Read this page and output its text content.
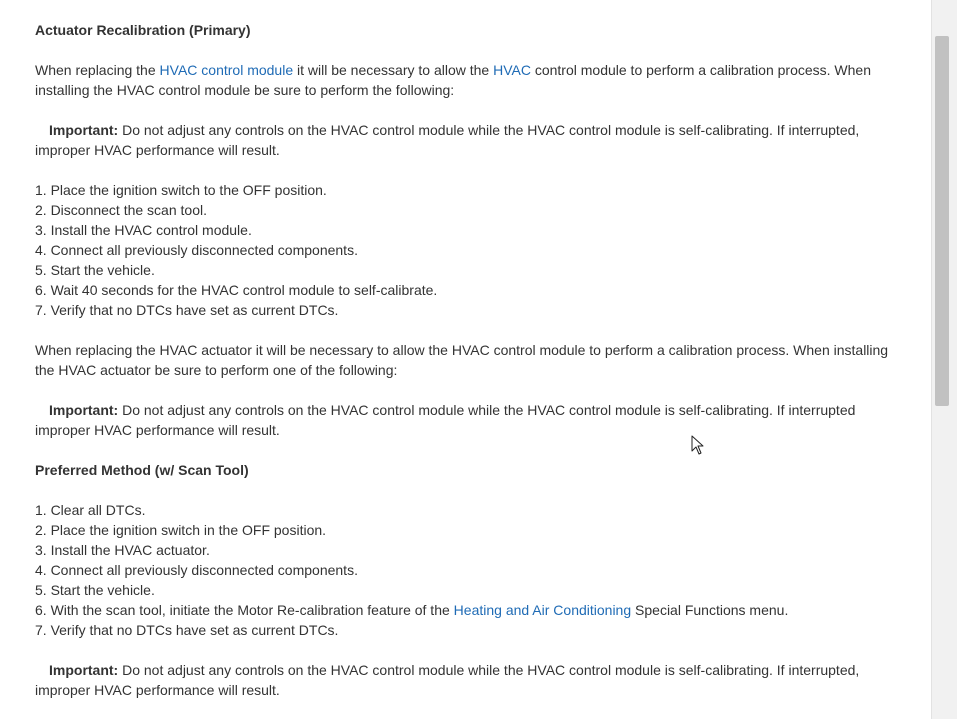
Actuator Recalibration (Primary)
When replacing the HVAC control module it will be necessary to allow the HVAC control module to perform a calibration process. When
installing the HVAC control module be sure to perform the following:
Important: Do not adjust any controls on the HVAC control module while the HVAC control module is self-calibrating. If interrupted,
improper HVAC performance will result.
1. Place the ignition switch to the OFF position.
2. Disconnect the scan tool.
3. Install the HVAC control module.
4. Connect all previously disconnected components.
5. Start the vehicle.
6. Wait 40 seconds for the HVAC control module to self-calibrate.
7. Verify that no DTCs have set as current DTCs.
When replacing the HVAC actuator it will be necessary to allow the HVAC control module to perform a calibration process. When installing
the HVAC actuator be sure to perform one of the following:
Important: Do not adjust any controls on the HVAC control module while the HVAC control module is self-calibrating. If interrupted
improper HVAC performance will result.
Preferred Method (w/ Scan Tool)
1. Clear all DTCs.
2. Place the ignition switch in the OFF position.
3. Install the HVAC actuator.
4. Connect all previously disconnected components.
5. Start the vehicle.
6. With the scan tool, initiate the Motor Re-calibration feature of the Heating and Air Conditioning Special Functions menu.
7. Verify that no DTCs have set as current DTCs.
Important: Do not adjust any controls on the HVAC control module while the HVAC control module is self-calibrating. If interrupted,
improper HVAC performance will result.
